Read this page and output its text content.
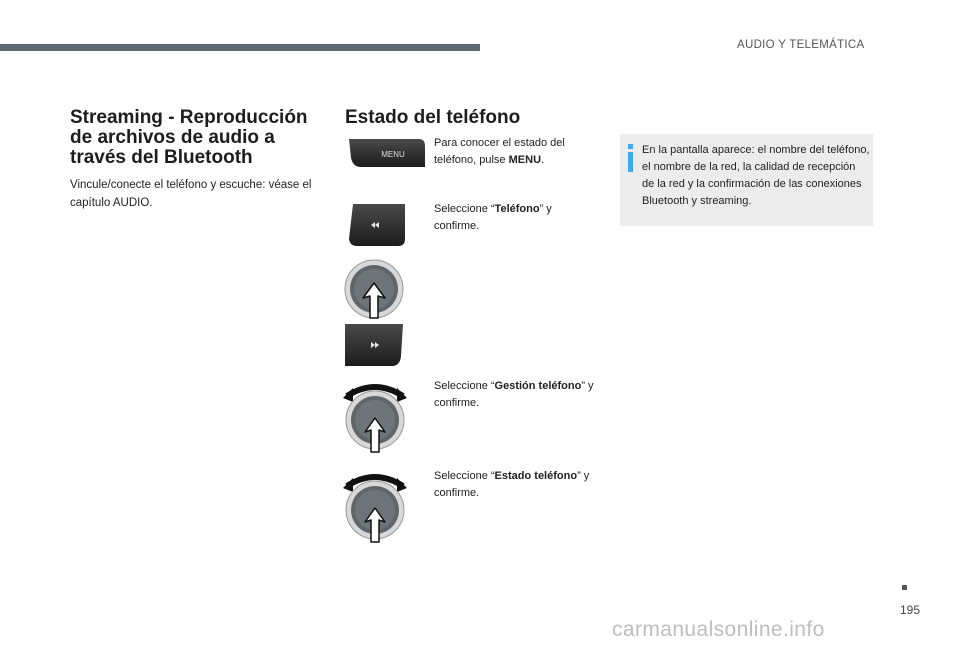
AUDIO Y TELEMÁTICA
Streaming - Reproducción de archivos de audio a través del Bluetooth

Vincule/conecte el teléfono y escuche: véase el capítulo AUDIO.

Estado del teléfono
MENU
Para conocer el estado del teléfono, pulse MENU.
Seleccione “Teléfono” y confirme.
Seleccione “Gestión teléfono” y confirme.
Seleccione “Estado teléfono” y confirme.
En la pantalla aparece: el nombre del teléfono, el nombre de la red, la calidad de recepción de la red y la confirmación de las conexiones Bluetooth y streaming.
195
carmanualsonline.info
